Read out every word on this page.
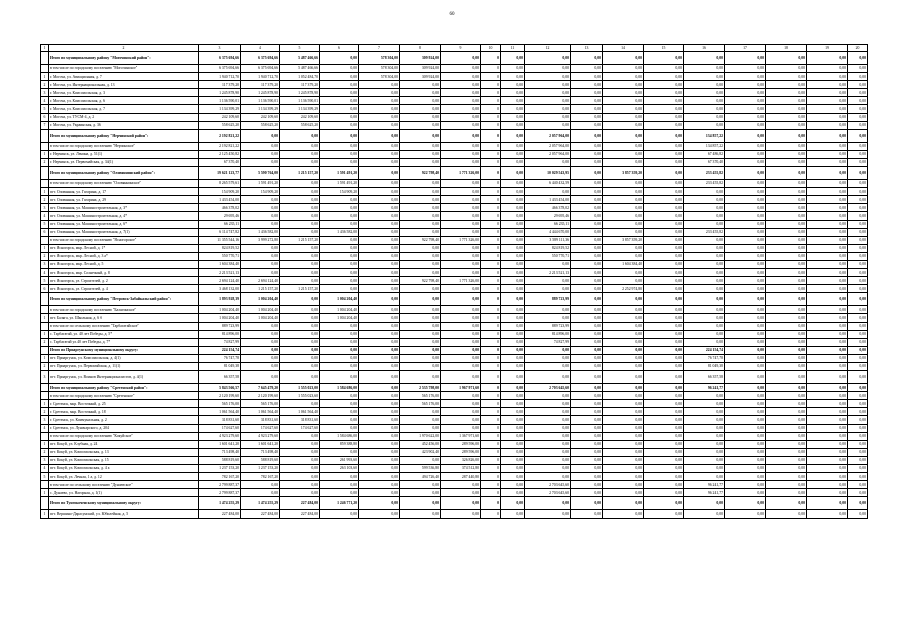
60
1	2	3	4	5	6	7	8	9	10	11	12	13	14	15	16	17	18	19	20
	Итого по муниципальному району "Могочинский район":	6 375 694,66	6 375 694,66	5 487 466,66	0,00	578 304,00	309 924,00	0,00	0	0,00	0,00	0,00	0,00	0,00	0,00	0,00	0,00	0,00	0,00
	в том числе по городскому поселению "Могочинское"	6 375 694,66	6 375 694,66	5 487 466,66	0,00	578 304,00	309 924,00	0,00	0	0,00	0,00	0,00	0,00	0,00	0,00	0,00	0,00	0,00	0,00
1	г. Могоча, ул. Авиационная, д. 7	1 940 712,70	1 940 712,70	1 052 484,70	0,00	578 304,00	309 924,00	0,00	0	0,00	0,00	0,00	0,00	0,00	0,00	0,00	0,00	0,00	0,00
2	г. Могоча, ул. Интернациональная, д. 13	117 379,20	117 379,20	117 379,20	0,00	0,00	0,00	0,00	0	0,00	0,00	0,00	0,00	0,00	0,00	0,00	0,00	0,00	0,00
3	г. Могоча, ул. Комсомольская, д. 3	1 245 878,90	1 245 878,90	1 245 878,90	0,00	0,00	0,00	0,00	0	0,00	0,00	0,00	0,00	0,00	0,00	0,00	0,00	0,00	0,00
4	г. Могоча, ул. Комсомольская, д. 6	1 136 590,01	1 136 590,01	1 136 590,01	0,00	0,00	0,00	0,00	0	0,00	0,00	0,00	0,00	0,00	0,00	0,00	0,00	0,00	0,00
5	г. Могоча, ул. Комсомольская, д. 7	1 134 399,29	1 134 399,29	1 134 399,29	0,00	0,00	0,00	0,00	0	0,00	0,00	0,00	0,00	0,00	0,00	0,00	0,00	0,00	0,00
6	г. Могоча, ул. ТУСМ-4, д. 2	242 109,60	242 109,60	242 109,60	0,00	0,00	0,00	0,00	0	0,00	0,00	0,00	0,00	0,00	0,00	0,00	0,00	0,00	0,00
7	г. Могоча, ул. Украинская, д. 36	558 625,20	558 625,20	558 625,20	0,00	0,00	0,00	0,00	0	0,00	0,00	0,00	0,00	0,00	0,00	0,00	0,00	0,00	0,00
	Итого по муниципальному району "Нерчинский район":	2 192 821,22	0,00	0,00	0,00	0,00	0,00	0,00	0	0,00	2 057 964,00	0,00	0,00	0,00	134 857,22	0,00	0,00	0,00	0,00
	в том числе по городскому поселению "Нерчинское"	2 192 821,22	0,00	0,00	0,00	0,00	0,00	0,00	0	0,00	2 057 964,00	0,00	0,00	0,00	134 857,22	0,00	0,00	0,00	0,00
1	г. Нерчинск, ул. Ленина, д. 51(1)	2 125 450,82	0,00	0,00	0,00	0,00	0,00	0,00	0	0,00	2 057 964,00	0,00	0,00	0,00	67 486,82	0,00	0,00	0,00	0,00
2	г. Нерчинск, ул. Первомайская, д. 34(1)	67 370,40	0,00	0,00	0,00	0,00	0,00	0,00	0	0,00	0,00	0,00	0,00	0,00	67 370,40	0,00	0,00	0,00	0,00
	Итого по муниципальному району "Оловяннинский район":	19 621 123,77	5 590 764,00	1 215 157,20	1 591 491,20	0,00	922 798,40	1 771 326,00	0	0,00	10 029 543,95	0,00	3 857 359,20	0,00	233 455,82	0,00	0,00	0,00	0,00
	в том числе по городскому поселению "Оловяннинское"	8 265 579,61	1 591 491,20	0,00	1 591 491,20	0,00	0,00	0,00	0	0,00	6 440 432,59	0,00	0,00	0,00	233 455,82	0,00	0,00	0,00	0,00
1	пгт. Оловянная, ул. Гагарина, д. 17	154 909,20	154 909,20	0,00	154 909,20	0,00	0,00	0,00	0	0,00	0,00	0,00	0,00	0,00	0,00	0,00	0,00	0,00	0,00
2	пгт. Оловянная, ул. Гагарина, д. 29	1 433 454,00	0,00	0,00	0,00	0,00	0,00	0,00	0	0,00	1 433 454,00	0,00	0,00	0,00	0,00	0,00	0,00	0,00	0,00
3	пгт. Оловянная, ул. Машиностроительная, д. 3*	466 378,02	0,00	0,00	0,00	0,00	0,00	0,00	0	0,00	466 378,02	0,00	0,00	0,00	0,00	0,00	0,00	0,00	0,00
4	пгт. Оловянная, ул. Машиностроительная, д. 4*	29 695,46	0,00	0,00	0,00	0,00	0,00	0,00	0	0,00	29 695,46	0,00	0,00	0,00	0,00	0,00	0,00	0,00	0,00
5	пгт. Оловянная, ул. Машиностроительная, д. 6*	66 235,11	0,00	0,00	0,00	0,00	0,00	0,00	0	0,00	66 235,11	0,00	0,00	0,00	0,00	0,00	0,00	0,00	0,00
6	пгт. Оловянная, ул. Машиностроительная, д. 7(1)	6 114 747,82	1 436 582,00	0,00	1 436 582,00	0,00	0,00	0,00	0	0,00	4 444 670,00	0,00	0,00	0,00	233 455,82	0,00	0,00	0,00	0,00
	в том числе по городскому поселению "Ясногорское"	11 355 544,16	3 999 272,80	1 215 157,20	0,00	0,00	922 798,40	1 771 326,00	0	0,00	3 589 111,36	0,00	3 857 359,20	0,00	0,00	0,00	0,00	0,00	0,00
1	пгт. Ясногорск, мкр. Лесной, д. 1*	824 819,52	0,00	0,00	0,00	0,00	0,00	0,00	0	0,00	824 819,52	0,00	0,00	0,00	0,00	0,00	0,00	0,00	0,00
2	пгт. Ясногорск, мкр. Лесной, д. 3 а*	550 770,71	0,00	0,00	0,00	0,00	0,00	0,00	0	0,00	550 770,71	0,00	0,00	0,00	0,00	0,00	0,00	0,00	0,00
3	пгт. Ясногорск, мкр. Лесной, д. 5	1 604 384,40	0,00	0,00	0,00	0,00	0,00	0,00	0	0,00	0,00	0,00	1 604 384,40	0,00	0,00	0,00	0,00	0,00	0,00
4	пгт. Ясногорск, мкр. Солнечный, д. 8	2 213 521,13	0,00	0,00	0,00	0,00	0,00	0,00	0	0,00	2 213 521,13	0,00	0,00	0,00	0,00	0,00	0,00	0,00	0,00
5	пгт. Ясногорск, ул. Строителей, д. 2	2 694 124,40	2 694 124,40	0,00	0,00	0,00	922 798,40	1 771 326,00	0	0,00	0,00	0,00	0,00	0,00	0,00	0,00	0,00	0,00	0,00
6	пгт. Ясногорск, ул. Строителей, д. 4	3 468 132,00	1 215 157,20	1 215 157,20	0,00	0,00	0,00	0,00	0	0,00	0,00	0,00	2 252 974,80	0,00	0,00	0,00	0,00	0,00	0,00
	Итого по муниципальному району "Петровск-Забайкальский район":	1 893 928,39	1 004 204,40	0,00	1 004 204,40	0,00	0,00	0,00	0	0,00	889 723,99	0,00	0,00	0,00	0,00	0,00	0,00	0,00	0,00
	в том числе по городскому поселению "Балягинское"	1 004 204,40	1 004 204,40	0,00	1 004 204,40	0,00	0,00	0,00	0	0,00	0,00	0,00	0,00	0,00	0,00	0,00	0,00	0,00	0,00
1	пгт. Баляга, ул. Школьная, д. 6 б	1 004 204,40	1 004 204,40	0,00	1 004 204,40	0,00	0,00	0,00	0	0,00	0,00	0,00	0,00	0,00	0,00	0,00	0,00	0,00	0,00
	в том числе по сельскому поселению "Тарбагатайское"	889 723,99	0,00	0,00	0,00	0,00	0,00	0,00	0	0,00	889 723,99	0,00	0,00	0,00	0,00	0,00	0,00	0,00	0,00
1	с. Тарбагатай, ул. 40 лет Победы, д. 5*	814 896,00	0,00	0,00	0,00	0,00	0,00	0,00	0	0,00	814 896,00	0,00	0,00	0,00	0,00	0,00	0,00	0,00	0,00
2	с. Тарбагатай ул.40 лет Победы, д. 7*	74 827,99	0,00	0,00	0,00	0,00	0,00	0,00	0	0,00	74 827,99	0,00	0,00	0,00	0,00	0,00	0,00	0,00	0,00
	Итого по Приаргунскому муниципальному округу:	224 154,74	0,00	0,00	0,00	0,00	0,00	0,00	0	0,00	0,00	0,00	0,00	0,00	224 154,74	0,00	0,00	0,00	0,00
1	пгт. Приаргунск, ул. Комсомольская, д. 4(1)	76 747,78	0,00	0,00	0,00	0,00	0,00	0,00	0	0,00	0,00	0,00	0,00	0,00	76 747,78	0,00	0,00	0,00	0,00
2	пгт. Приаргунск, ул. Первомайская, д. 11(1)	81 049,38	0,00	0,00	0,00	0,00	0,00	0,00	0	0,00	0,00	0,00	0,00	0,00	81 049,38	0,00	0,00	0,00	0,00
3	пгт. Приаргунск, ул. Воинов Интернационалистов, д. 4(1)	66 357,58	0,00	0,00	0,00	0,00	0,00	0,00	0	0,00	0,00	0,00	0,00	0,00	66 357,58	0,00	0,00	0,00	0,00
	Итого по муниципальному району "Сретенский район":	5 843 566,57	7 645 479,20	1 555 023,00	1 584 686,00	0,00	2 535 798,00	1 967 971,60	0	0,00	2 703 645,60	0,00	0,00	0,00	96 241,77	0,00	0,00	0,00	0,00
	в том числе по городскому поселению "Сретенское"	2 120 199,60	2 120 199,60	1 555 023,60	0,00	0,00	565 176,00	0,00	0	0,00	0,00	0,00	0,00	0,00	0,00	0,00	0,00	0,00	0,00
1	г. Сретенск, мкр. Восточный, д. 25	565 176,00	565 176,00	0,00	0,00	0,00	565 176,00	0,00	0	0,00	0,00	0,00	0,00	0,00	0,00	0,00	0,00	0,00	0,00
2	г. Сретенск, мкр. Восточный, д. 18	1 061 564,40	1 061 564,40	1 061 564,40	0,00	0,00	0,00	0,00	0	0,00	0,00	0,00	0,00	0,00	0,00	0,00	0,00	0,00	0,00
3	г. Сретенск, ул. Коммунальная, д. 2	318 831,60	318 831,60	318 831,60	0,00	0,00	0,00	0,00	0	0,00	0,00	0,00	0,00	0,00	0,00	0,00	0,00	0,00	0,00
4	г. Сретенск, ул. Луначарского, д. 204	174 627,60	174 627,60	174 627,60	0,00	0,00	0,00	0,00	0	0,00	0,00	0,00	0,00	0,00	0,00	0,00	0,00	0,00	0,00
	в том числе по городскому поселению "Кокуйское"	4 923 279,60	4 923 279,60	0,00	1 584 686,00	0,00	1 970 622,00	1 367 971,60	0	0,00	0,00	0,00	0,00	0,00	0,00	0,00	0,00	0,00	0,00
1	пгт. Кокуй, ул. Клубная, д. 24	1 601 641,20	1 601 641,20	0,00	859 388,80	0,00	452 456,00	289 596,00	0	0,00	0,00	0,00	0,00	0,00	0,00	0,00	0,00	0,00	0,00
2	пгт. Кокуй, ул. Комсомольская, д. 13	713 498,40	713 498,40	0,00	0,00	0,00	423 902,40	289 596,00	0	0,00	0,00	0,00	0,00	0,00	0,00	0,00	0,00	0,00	0,00
3	пгт. Кокуй, ул. Комсомольская, д. 15	588 819,60	588 819,60	0,00	261 993,60	0,00	0,00	326 826,00	0	0,00	0,00	0,00	0,00	0,00	0,00	0,00	0,00	0,00	0,00
4	пгт. Кокуй, ул. Комсомольская, д. 4 а	1 237 153,20	1 237 153,20	0,00	263 103,60	0,00	599 536,80	374 512,80	0	0,00	0,00	0,00	0,00	0,00	0,00	0,00	0,00	0,00	0,00
5	пгт. Кокуй, ул. Лечная, 1 а, д. 12	782 167,20	782 167,20	0,00	0,00	0,00	494 726,40	287 440,80	0	0,00	0,00	0,00	0,00	0,00	0,00	0,00	0,00	0,00	0,00
	в том числе по сельскому поселению "Дунаевское"	2 799 887,37	0,00	0,00	0,00	0,00	0,00	0,00	0	0,00	2 703 645,60	0,00	0,00	0,00	96 241,77	0,00	0,00	0,00	0,00
1	с. Дунаево, ул. Нагорная, д. 1(1)	2 799 887,37	0,00	0,00	0,00	0,00	0,00	0,00	0	0,00	2 703 645,60	0,00	0,00	0,00	96 241,77	0,00	0,00	0,00	0,00
	Итого по Тунгокоченскому муниципальному округу:	1 474 255,29	1 474 255,29	227 484,00	1 246 771,20	0,00	0,00	0,00	0	0,00	0,00	0,00	0,00	0,00	0,00	0,00	0,00	0,00	0,00
1	пгт. Вершино-Дарасунский, ул. Юбилейная, д. 5	227 484,00	227 484,00	227 484,00	0,00	0,00	0,00	0,00	0	0,00	0,00	0,00	0,00	0,00	0,00	0,00	0,00	0,00	0,00
